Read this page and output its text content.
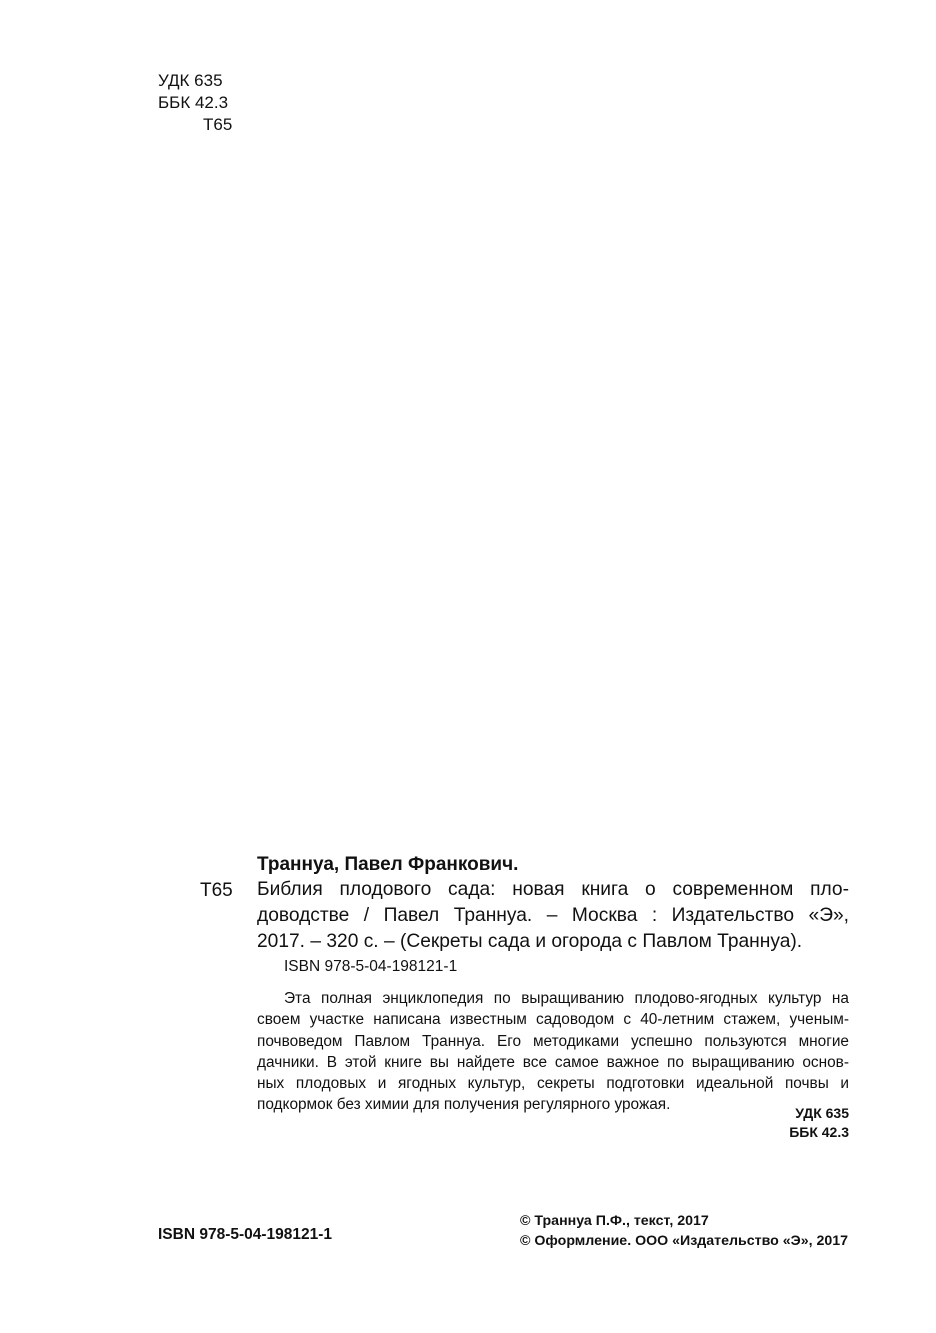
УДК 635
ББК 42.3
Т65
Траннуа, Павел Франкович.
Т65 Библия плодового сада: новая книга о современном пло-
доводстве / Павел Траннуа. – Москва : Издательство «Э»,
2017. – 320 с. – (Секреты сада и огорода с Павлом Траннуа).
ISBN 978-5-04-198121-1
Эта полная энциклопедия по выращиванию плодово-ягодных культур на
своем участке написана известным садоводом с 40-летним стажем, ученым-
почвоведом Павлом Траннуа. Его методиками успешно пользуются многие
дачники. В этой книге вы найдете все самое важное по выращиванию основ-
ных плодовых и ягодных культур, секреты подготовки идеальной почвы и
подкормок без химии для получения регулярного урожая.	УДК 635
ББК 42.3
ISBN 978-5-04-198121-1
© Траннуа П.Ф., текст, 2017
© Оформление. ООО «Издательство «Э», 2017
